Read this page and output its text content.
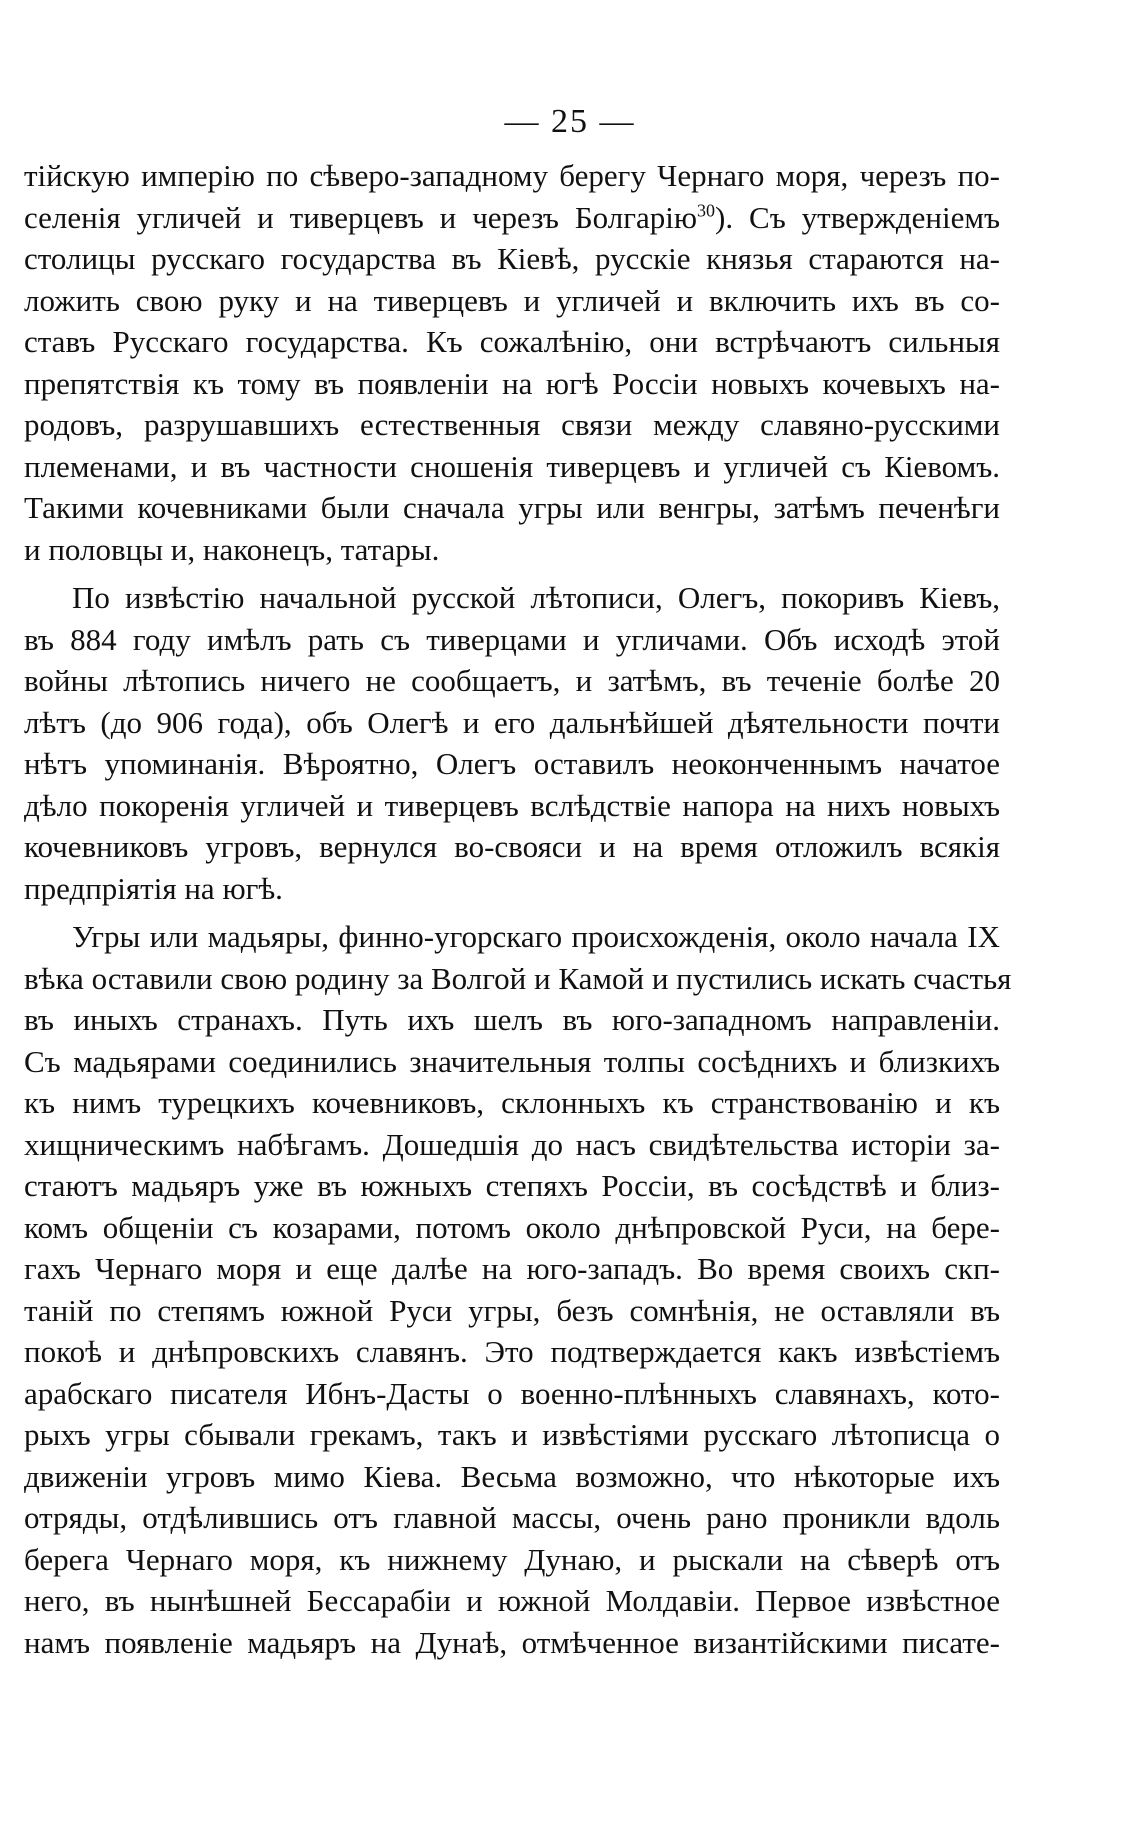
— 25 —
тійскую имперію по сѣверо-западному берегу Чернаго моря, черезъ по-
селенія угличей и тиверцевъ и черезъ Болгарію$^{30}$). Съ утвержденіемъ
столицы русскаго государства въ Кіевѣ, русскіе князья стараются на-
ложить свою руку и на тиверцевъ и угличей и включить ихъ въ со-
ставъ Русскаго государства. Къ сожалѣнію, они встрѣчаютъ сильныя
препятствія къ тому въ появленіи на югѣ Россіи новыхъ кочевыхъ на-
родовъ, разрушавшихъ естественныя связи между славяно-русскими
племенами, и въ частности сношенія тиверцевъ и угличей съ Кіевомъ.
Такими кочевниками были сначала угры или венгры, затѣмъ печенѣги
и половцы и, наконецъ, татары.
По извѣстію начальной русской лѣтописи, Олегъ, покоривъ Кіевъ,
въ 884 году имѣлъ рать съ тиверцами и угличами. Объ исходѣ этой
войны лѣтопись ничего не сообщаетъ, и затѣмъ, въ теченіе болѣе 20
лѣтъ (до 906 года), объ Олегѣ и его дальнѣйшей дѣятельности почти
нѣтъ упоминанія. Вѣроятно, Олегъ оставилъ неоконченнымъ начатое
дѣло покоренія угличей и тиверцевъ вслѣдствіе напора на нихъ новыхъ
кочевниковъ угровъ, вернулся во-свояси и на время отложилъ всякія
предпріятія на югѣ.
Угры или мадьяры, финно-угорскаго происхожденія, около начала IX
вѣка оставили свою родину за Волгой и Камой и пустились искать счастья
въ иныхъ странахъ. Путь ихъ шелъ въ юго-западномъ направленіи.
Съ мадьярами соединились значительныя толпы сосѣднихъ и близкихъ
къ нимъ турецкихъ кочевниковъ, склонныхъ къ странствованію и къ
хищническимъ набѣгамъ. Дошедшія до насъ свидѣтельства исторіи за-
стаютъ мадьяръ уже въ южныхъ степяхъ Россіи, въ сосѣдствѣ и близ-
комъ общеніи съ козарами, потомъ около днѣпровской Руси, на бере-
гахъ Чернаго моря и еще далѣе на юго-западъ. Во время своихъ скп-
таній по степямъ южной Руси угры, безъ сомнѣнія, не оставляли въ
покоѣ и днѣпровскихъ славянъ. Это подтверждается какъ извѣстіемъ
арабскаго писателя Ибнъ-Дасты о военно-плѣнныхъ славянахъ, кото-
рыхъ угры сбывали грекамъ, такъ и извѣстіями русскаго лѣтописца о
движеніи угровъ мимо Кіева. Весьма возможно, что нѣкоторые ихъ
отряды, отдѣлившись отъ главной массы, очень рано проникли вдоль
берега Чернаго моря, къ нижнему Дунаю, и рыскали на сѣверѣ отъ
него, въ нынѣшней Бессарабіи и южной Молдавіи. Первое извѣстное
намъ появленіе мадьяръ на Дунаѣ, отмѣченное византійскими писате-
